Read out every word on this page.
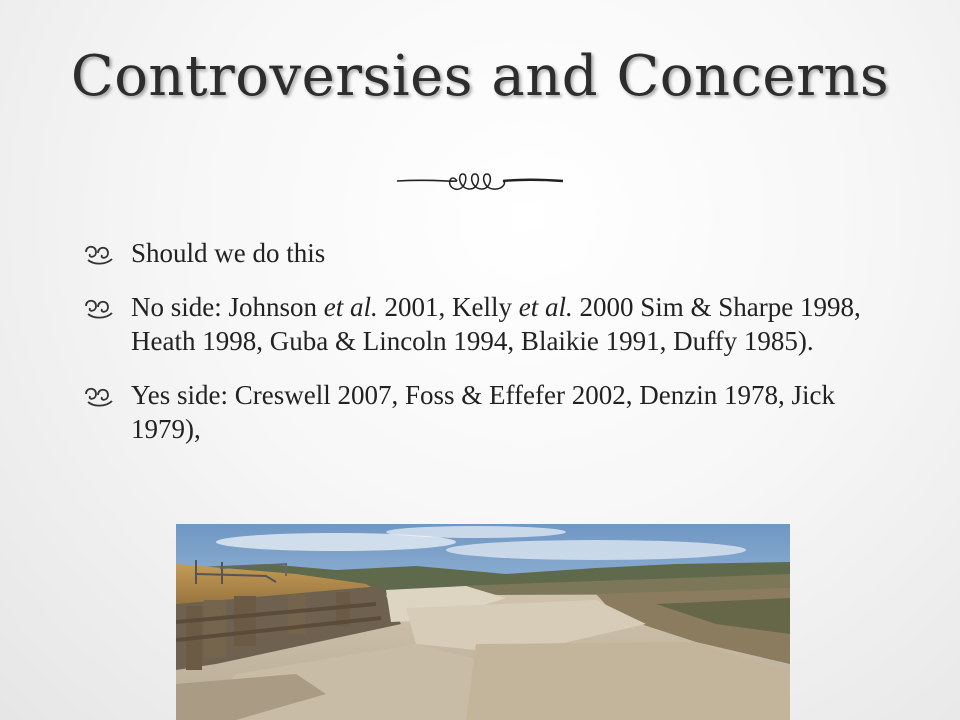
Controversies and Concerns
Should we do this
No side: Johnson et al. 2001, Kelly et al. 2000 Sim & Sharpe 1998, Heath 1998, Guba & Lincoln 1994, Blaikie 1991, Duffy 1985).
Yes side: Creswell 2007, Foss & Effefer 2002, Denzin 1978, Jick 1979),
